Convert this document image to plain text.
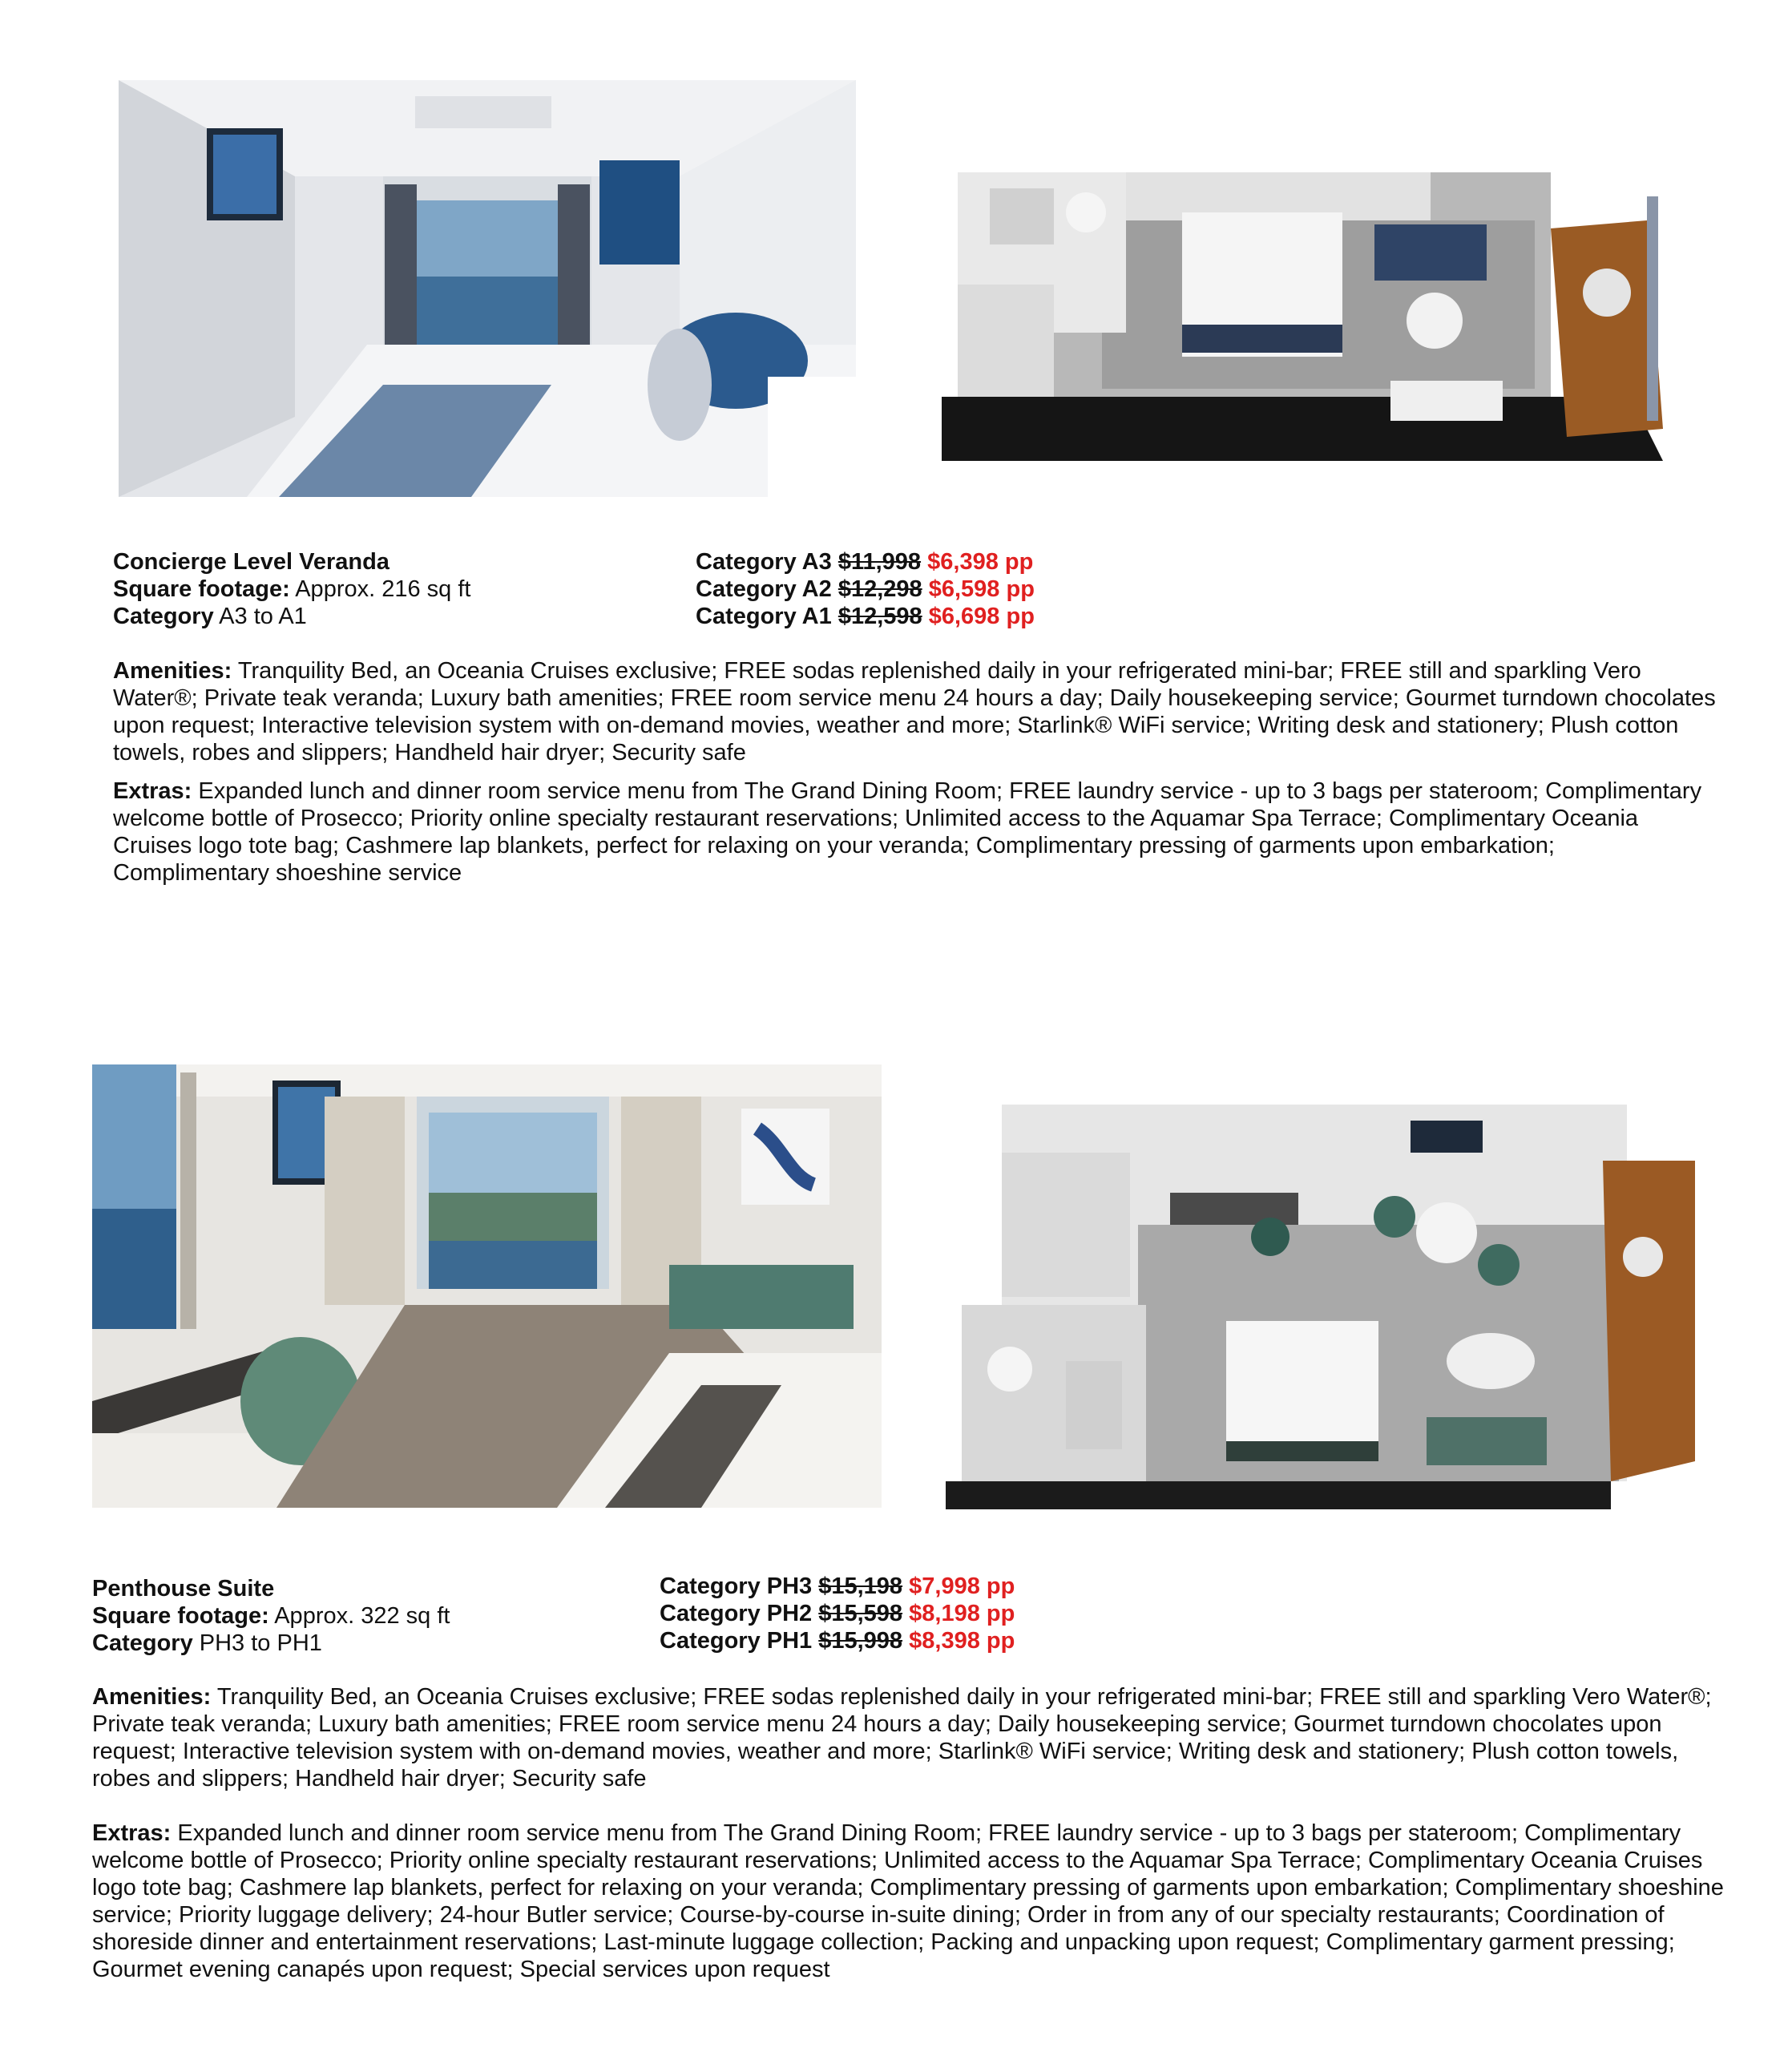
Concierge Level Veranda
Square footage: Approx. 216 sq ft
Category A3 to A1
Category A3 $11,998 $6,398 pp
Category A2 $12,298 $6,598 pp
Category A1 $12,598 $6,698 pp
Amenities: Tranquility Bed, an Oceania Cruises exclusive; FREE sodas replenished daily in your refrigerated mini-bar; FREE still and sparkling Vero Water®; Private teak veranda; Luxury bath amenities; FREE room service menu 24 hours a day; Daily housekeeping service; Gourmet turndown chocolates upon request; Interactive television system with on-demand movies, weather and more; Starlink® WiFi service; Writing desk and stationery; Plush cotton towels, robes and slippers; Handheld hair dryer; Security safe
Extras: Expanded lunch and dinner room service menu from The Grand Dining Room; FREE laundry service - up to 3 bags per stateroom; Complimentary welcome bottle of Prosecco; Priority online specialty restaurant reservations; Unlimited access to the Aquamar Spa Terrace; Complimentary Oceania Cruises logo tote bag; Cashmere lap blankets, perfect for relaxing on your veranda; Complimentary pressing of garments upon embarkation; Complimentary shoeshine service
Penthouse Suite
Square footage: Approx. 322 sq ft
Category PH3 to PH1
Category PH3 $15,198 $7,998 pp
Category PH2 $15,598 $8,198 pp
Category PH1 $15,998 $8,398 pp
Amenities: Tranquility Bed, an Oceania Cruises exclusive; FREE sodas replenished daily in your refrigerated mini-bar; FREE still and sparkling Vero Water®; Private teak veranda; Luxury bath amenities; FREE room service menu 24 hours a day; Daily housekeeping service; Gourmet turndown chocolates upon request; Interactive television system with on-demand movies, weather and more; Starlink® WiFi service; Writing desk and stationery; Plush cotton towels, robes and slippers; Handheld hair dryer; Security safe
Extras: Expanded lunch and dinner room service menu from The Grand Dining Room; FREE laundry service - up to 3 bags per stateroom; Complimentary welcome bottle of Prosecco; Priority online specialty restaurant reservations; Unlimited access to the Aquamar Spa Terrace; Complimentary Oceania Cruises logo tote bag; Cashmere lap blankets, perfect for relaxing on your veranda; Complimentary pressing of garments upon embarkation; Complimentary shoeshine service; Priority luggage delivery; 24-hour Butler service; Course-by-course in-suite dining; Order in from any of our specialty restaurants; Coordination of shoreside dinner and entertainment reservations; Last-minute luggage collection; Packing and unpacking upon request; Complimentary garment pressing; Gourmet evening canapés upon request; Special services upon request
